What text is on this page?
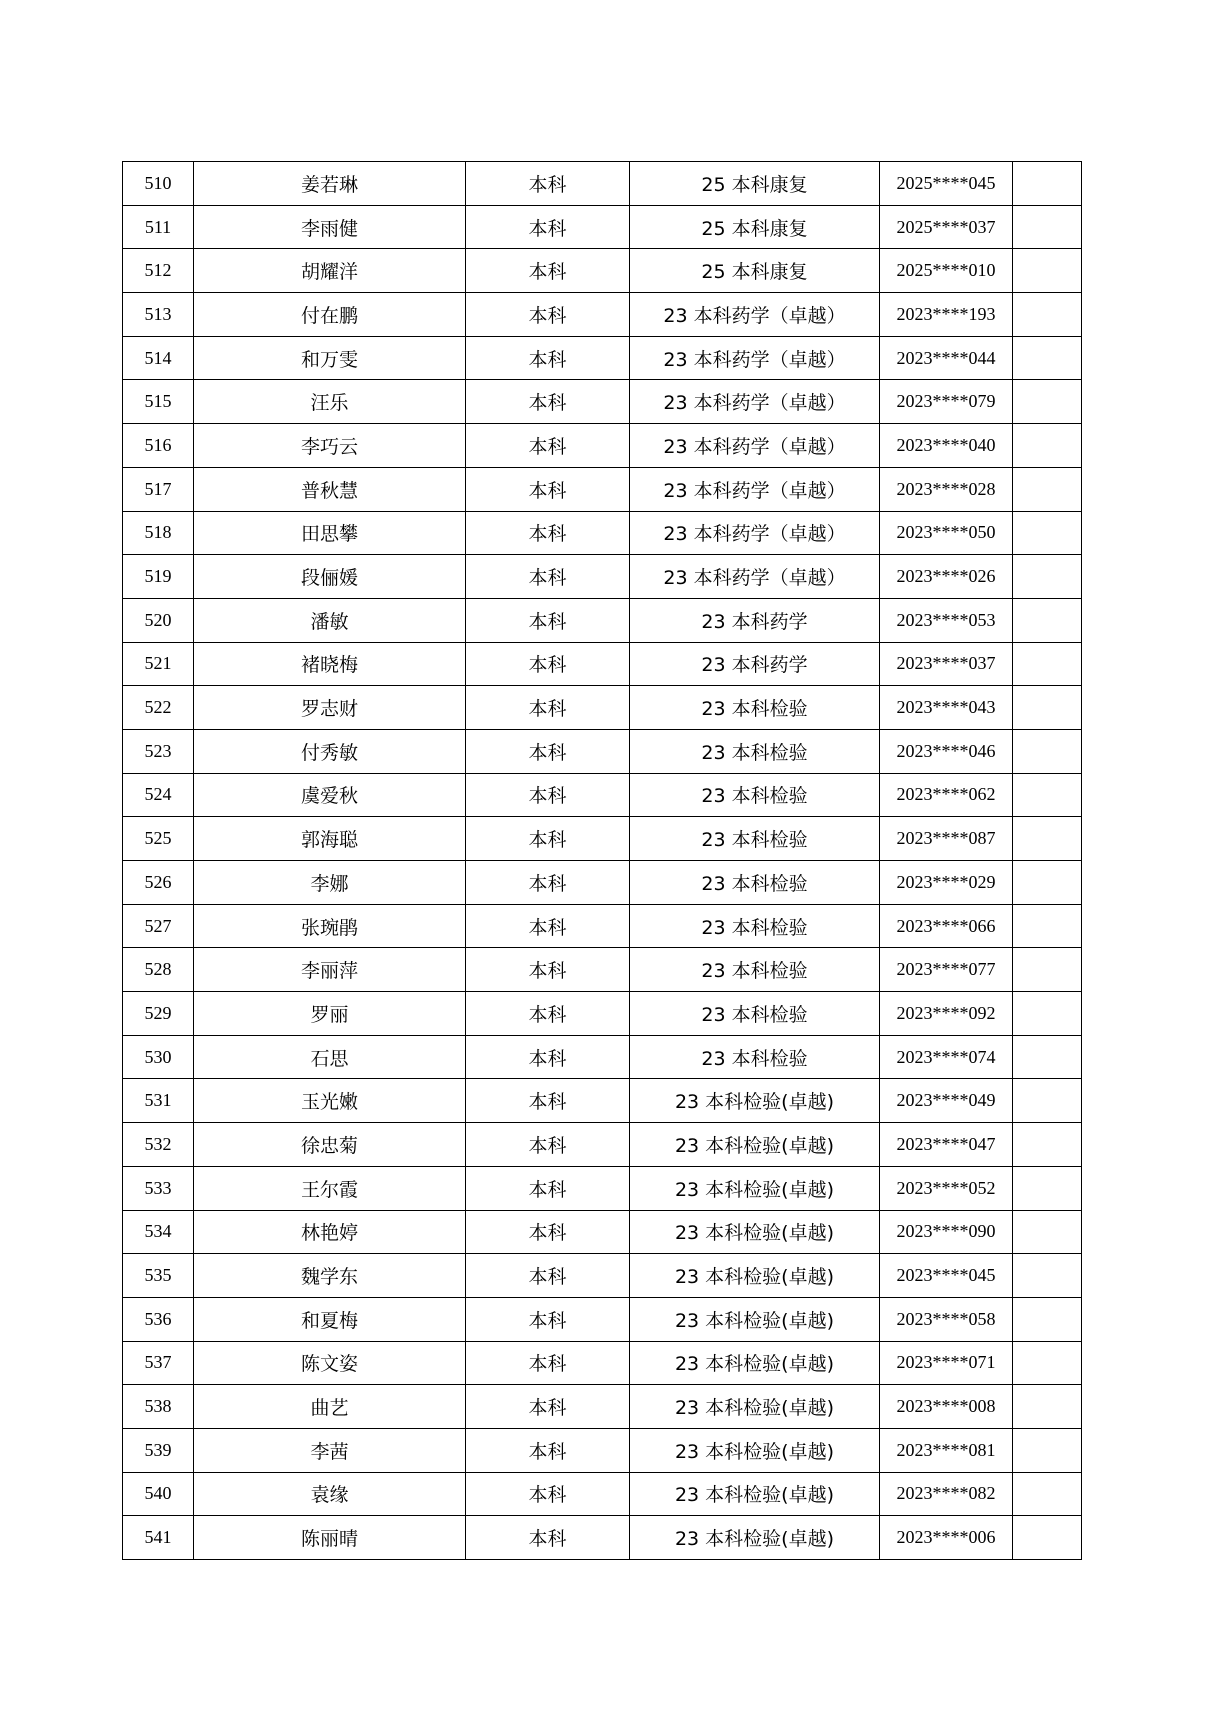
510	姜若琳	本科	25 本科康复	2025****045	
511	李雨健	本科	25 本科康复	2025****037	
512	胡耀洋	本科	25 本科康复	2025****010	
513	付在鹏	本科	23 本科药学（卓越）	2023****193	
514	和万雯	本科	23 本科药学（卓越）	2023****044	
515	汪乐	本科	23 本科药学（卓越）	2023****079	
516	李巧云	本科	23 本科药学（卓越）	2023****040	
517	普秋慧	本科	23 本科药学（卓越）	2023****028	
518	田思攀	本科	23 本科药学（卓越）	2023****050	
519	段俪媛	本科	23 本科药学（卓越）	2023****026	
520	潘敏	本科	23 本科药学	2023****053	
521	褚晓梅	本科	23 本科药学	2023****037	
522	罗志财	本科	23 本科检验	2023****043	
523	付秀敏	本科	23 本科检验	2023****046	
524	虞爱秋	本科	23 本科检验	2023****062	
525	郭海聪	本科	23 本科检验	2023****087	
526	李娜	本科	23 本科检验	2023****029	
527	张琬鹃	本科	23 本科检验	2023****066	
528	李丽萍	本科	23 本科检验	2023****077	
529	罗丽	本科	23 本科检验	2023****092	
530	石思	本科	23 本科检验	2023****074	
531	玉光嫩	本科	23 本科检验(卓越)	2023****049	
532	徐忠菊	本科	23 本科检验(卓越)	2023****047	
533	王尔霞	本科	23 本科检验(卓越)	2023****052	
534	林艳婷	本科	23 本科检验(卓越)	2023****090	
535	魏学东	本科	23 本科检验(卓越)	2023****045	
536	和夏梅	本科	23 本科检验(卓越)	2023****058	
537	陈文姿	本科	23 本科检验(卓越)	2023****071	
538	曲艺	本科	23 本科检验(卓越)	2023****008	
539	李茜	本科	23 本科检验(卓越)	2023****081	
540	袁缘	本科	23 本科检验(卓越)	2023****082	
541	陈丽晴	本科	23 本科检验(卓越)	2023****006	
